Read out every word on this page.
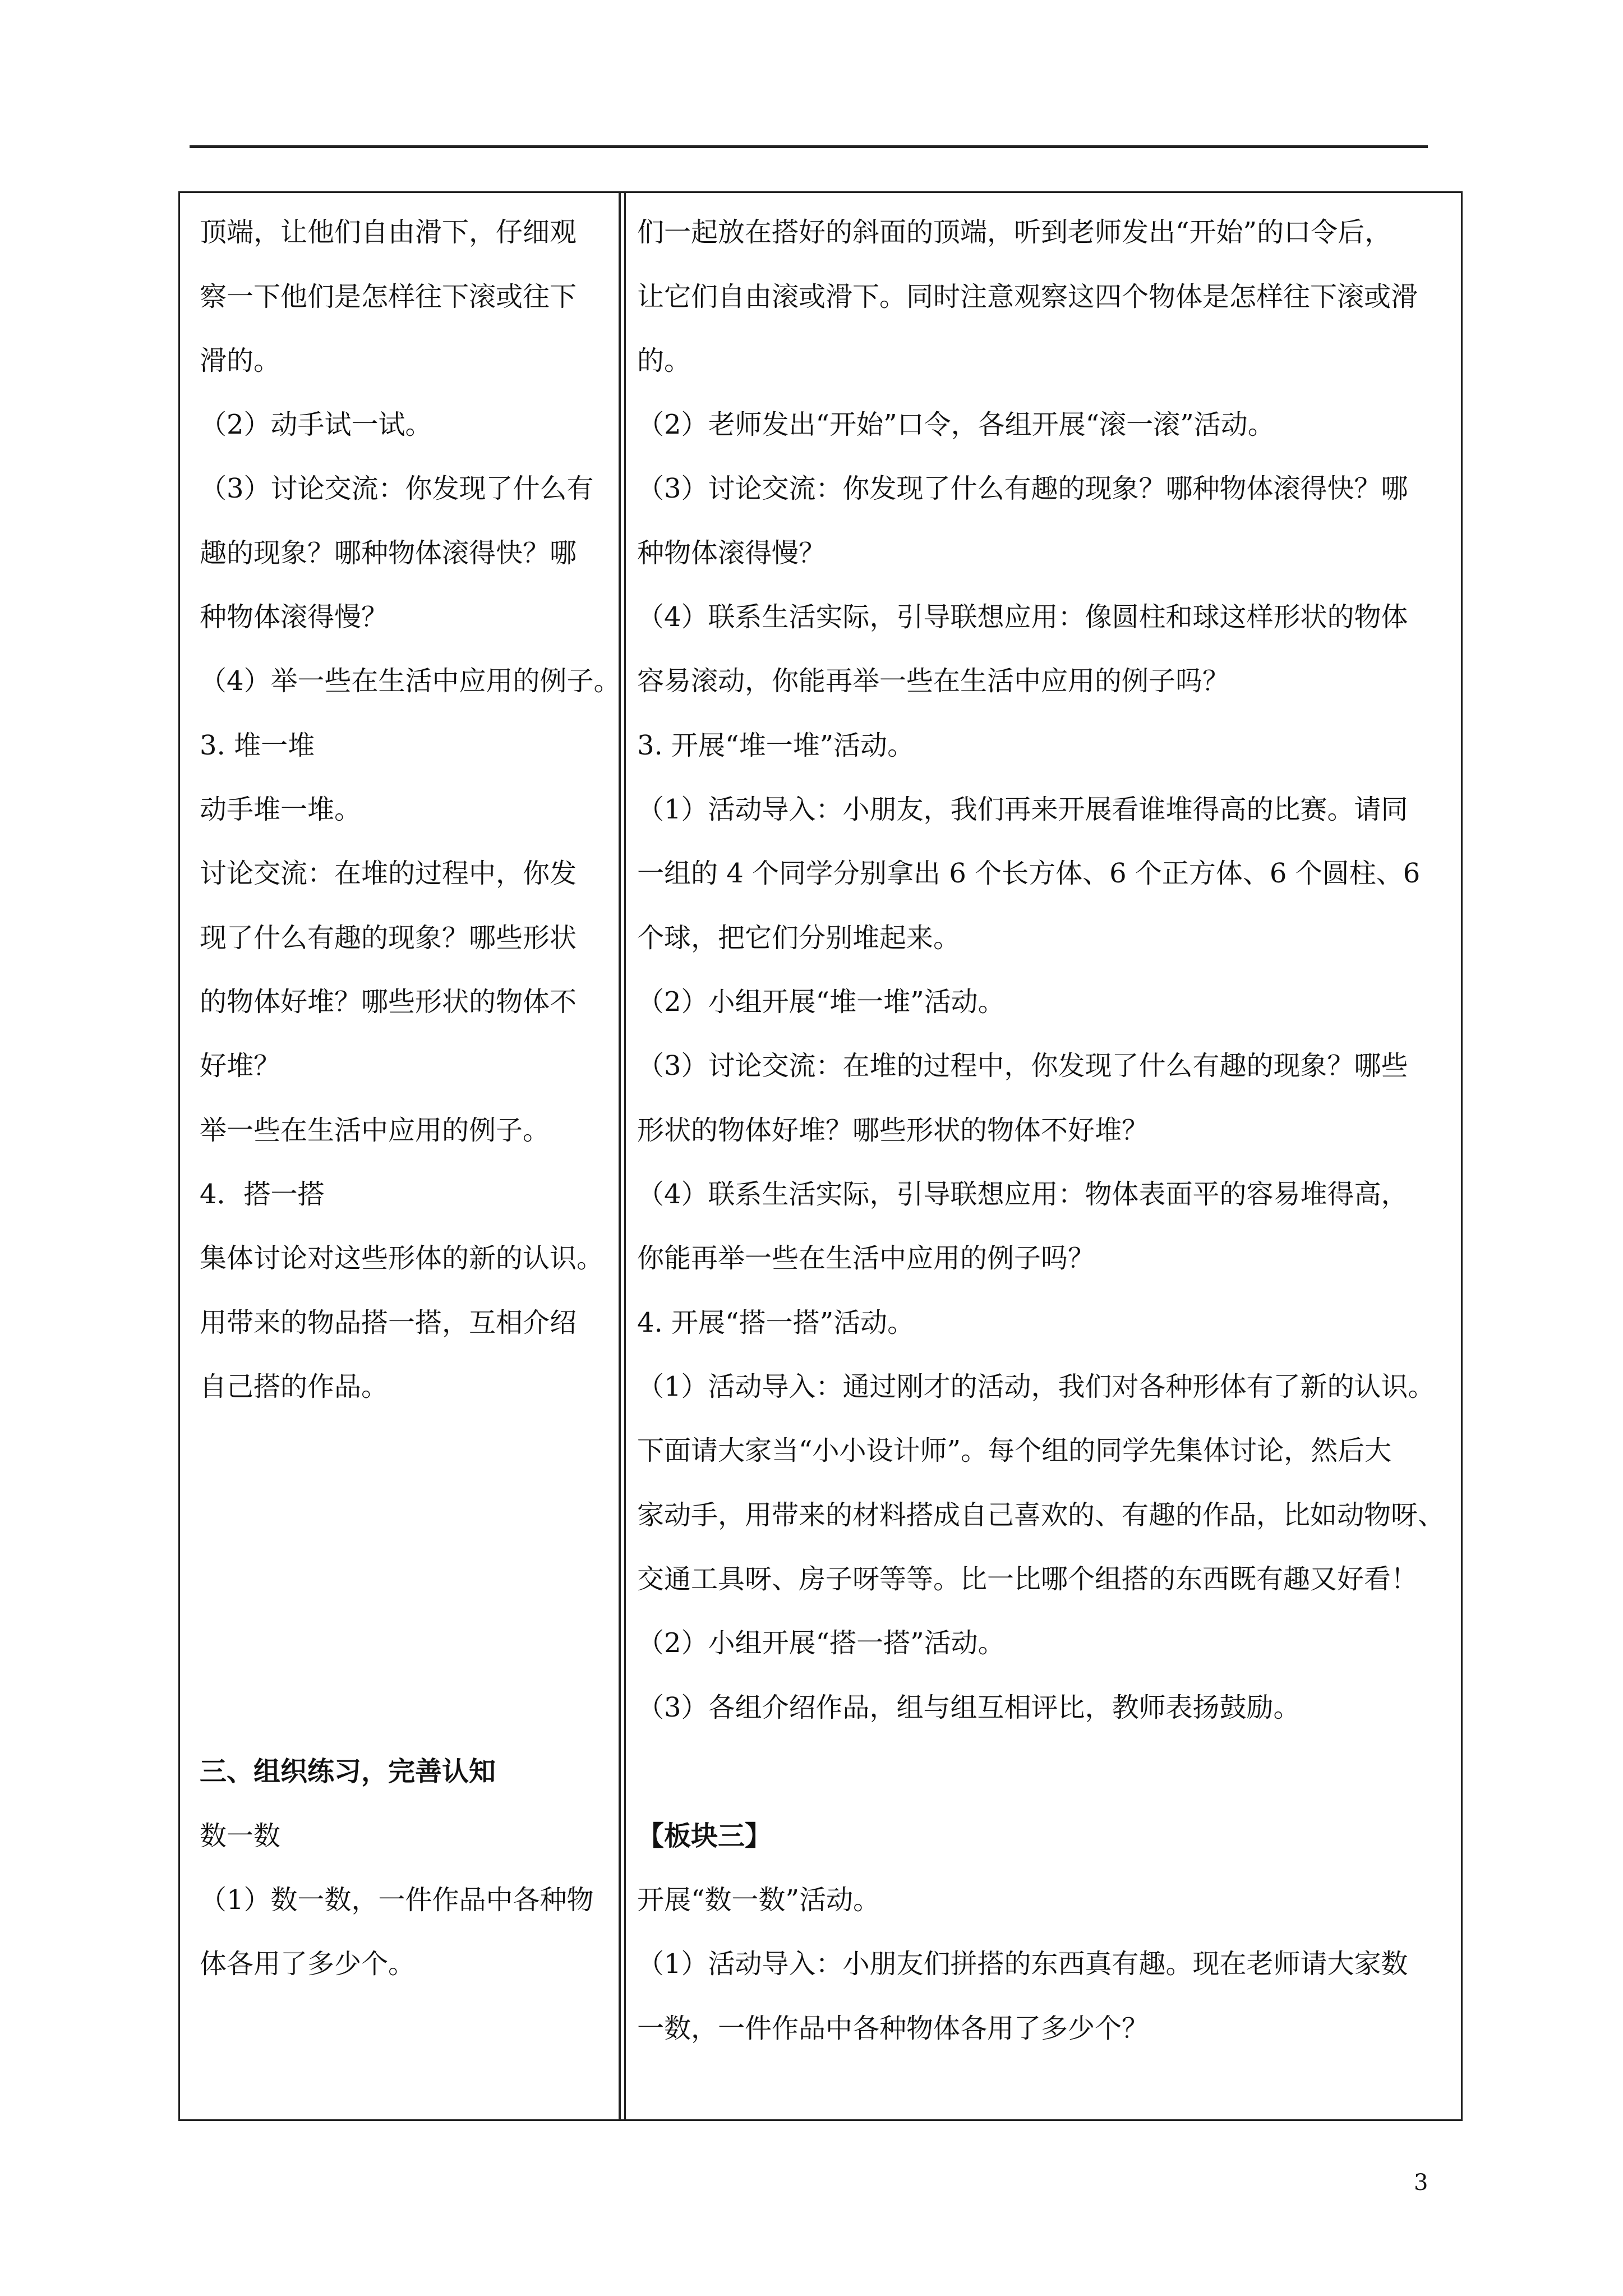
顶端，让他们自由滑下，仔细观
察一下他们是怎样往下滚或往下
滑的。
（2）动手试一试。
（3）讨论交流：你发现了什么有
趣的现象？哪种物体滚得快？哪
种物体滚得慢？
（4）举一些在生活中应用的例子。
3. 堆一堆
动手堆一堆。
讨论交流：在堆的过程中，你发
现了什么有趣的现象？哪些形状
的物体好堆？哪些形状的物体不
好堆？
举一些在生活中应用的例子。
4．搭一搭
集体讨论对这些形体的新的认识。
用带来的物品搭一搭，互相介绍
自己搭的作品。
三、组织练习，完善认知
数一数
（1）数一数，一件作品中各种物
体各用了多少个。
们一起放在搭好的斜面的顶端，听到老师发出“开始”的口令后，
让它们自由滚或滑下。同时注意观察这四个物体是怎样往下滚或滑
的。
（2）老师发出“开始”口令，各组开展“滚一滚”活动。
（3）讨论交流：你发现了什么有趣的现象？哪种物体滚得快？哪
种物体滚得慢？
（4）联系生活实际，引导联想应用：像圆柱和球这样形状的物体
容易滚动，你能再举一些在生活中应用的例子吗？
3. 开展“堆一堆”活动。
（1）活动导入：小朋友，我们再来开展看谁堆得高的比赛。请同
一组的 4 个同学分别拿出 6 个长方体、6 个正方体、6 个圆柱、6
个球，把它们分别堆起来。
（2）小组开展“堆一堆”活动。
（3）讨论交流：在堆的过程中，你发现了什么有趣的现象？哪些
形状的物体好堆？哪些形状的物体不好堆？
（4）联系生活实际，引导联想应用：物体表面平的容易堆得高，
你能再举一些在生活中应用的例子吗？
4. 开展“搭一搭”活动。
（1）活动导入：通过刚才的活动，我们对各种形体有了新的认识。
下面请大家当“小小设计师”。每个组的同学先集体讨论，然后大
家动手，用带来的材料搭成自己喜欢的、有趣的作品，比如动物呀、
交通工具呀、房子呀等等。比一比哪个组搭的东西既有趣又好看！
（2）小组开展“搭一搭”活动。
（3）各组介绍作品，组与组互相评比，教师表扬鼓励。
【板块三】
开展“数一数”活动。
（1）活动导入：小朋友们拼搭的东西真有趣。现在老师请大家数
一数，一件作品中各种物体各用了多少个？
3
